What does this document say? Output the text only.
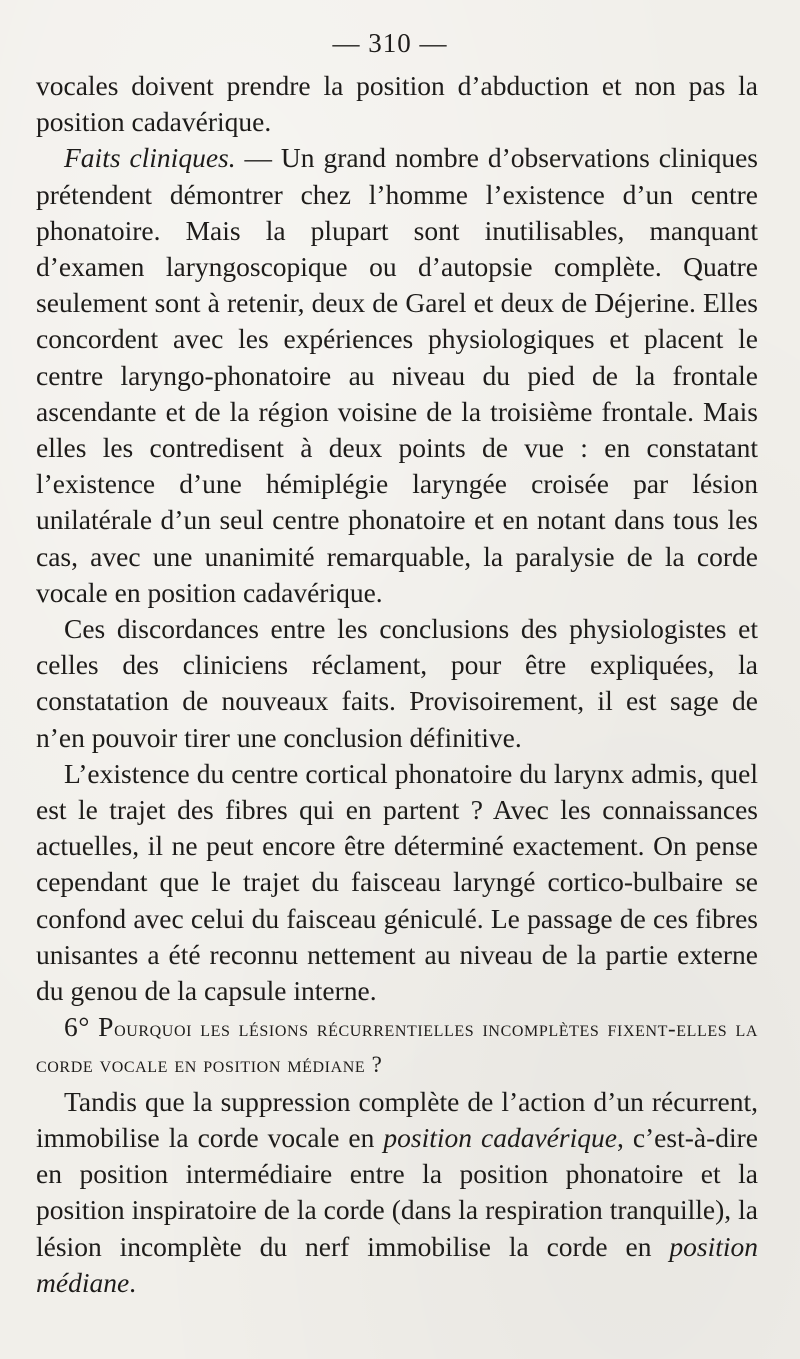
— 310 —

vocales doivent prendre la position d’abduction et non pas la position cadavérique.

Faits cliniques. — Un grand nombre d’observations cliniques prétendent démontrer chez l’homme l’existence d’un centre phonatoire. Mais la plupart sont inutilisables, manquant d’examen laryngoscopique ou d’autopsie complète. Quatre seulement sont à retenir, deux de Garel et deux de Déjerine. Elles concordent avec les expériences physiologiques et placent le centre laryngo-phonatoire au niveau du pied de la frontale ascendante et de la région voisine de la troisième frontale. Mais elles les contredisent à deux points de vue : en constatant l’existence d’une hémiplégie laryngée croisée par lésion unilatérale d’un seul centre phonatoire et en notant dans tous les cas, avec une unanimité remarquable, la paralysie de la corde vocale en position cadavérique.

Ces discordances entre les conclusions des physiologistes et celles des cliniciens réclament, pour être expliquées, la constatation de nouveaux faits. Provisoirement, il est sage de n’en pouvoir tirer une conclusion définitive.

L’existence du centre cortical phonatoire du larynx admis, quel est le trajet des fibres qui en partent ? Avec les connaissances actuelles, il ne peut encore être déterminé exactement. On pense cependant que le trajet du faisceau laryngé cortico-bulbaire se confond avec celui du faisceau géniculé. Le passage de ces fibres unisantes a été reconnu nettement au niveau de la partie externe du genou de la capsule interne.

6° Pourquoi les lésions récurrentielles incomplètes fixent-elles la corde vocale en position médiane ?

Tandis que la suppression complète de l’action d’un récurrent, immobilise la corde vocale en position cadavérique, c’est-à-dire en position intermédiaire entre la position phonatoire et la position inspiratoire de la corde (dans la respiration tranquille), la lésion incomplète du nerf immobilise la corde en position médiane.
